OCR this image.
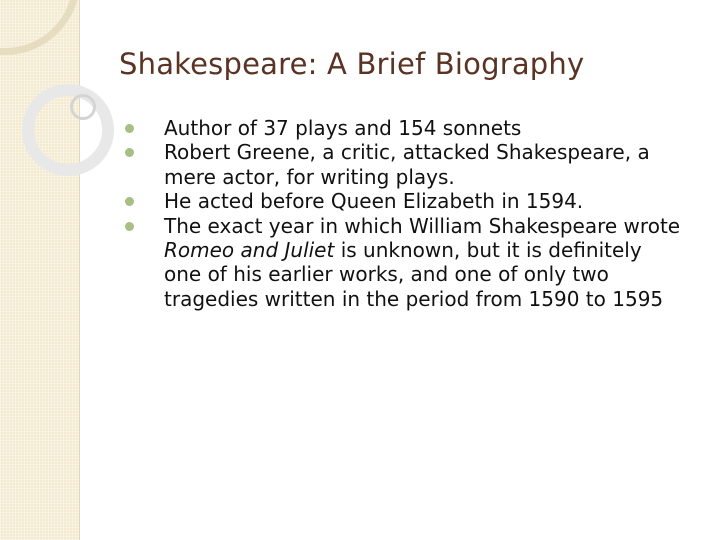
Shakespeare: A Brief Biography
Author of 37 plays and 154 sonnets
Robert Greene, a critic, attacked Shakespeare, a mere actor, for writing plays.
He acted before Queen Elizabeth in 1594.
The exact year in which William Shakespeare wrote Romeo and Juliet is unknown, but it is definitely one of his earlier works, and one of only two tragedies written in the period from 1590 to 1595
